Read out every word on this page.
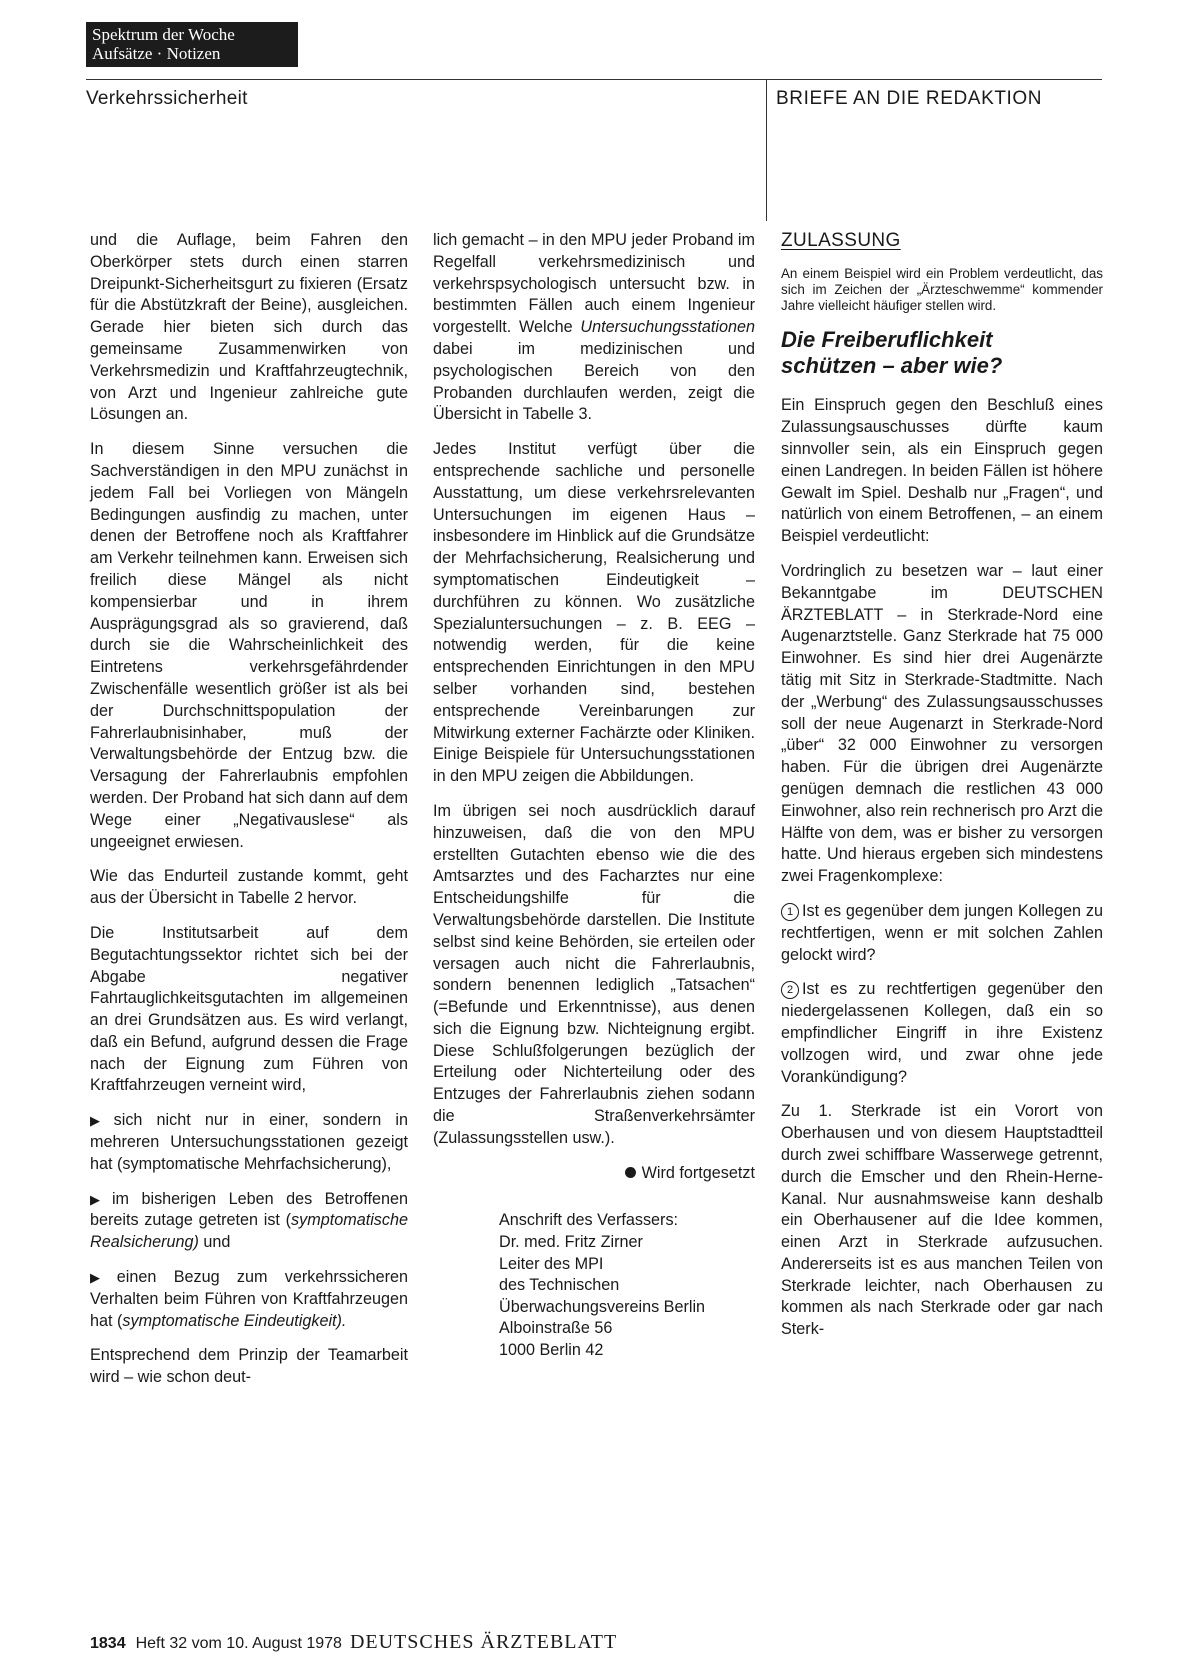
Spektrum der Woche
Aufsätze · Notizen
Verkehrssicherheit	BRIEFE AN DIE REDAKTION

und die Auflage, beim Fahren den Oberkörper stets durch einen starren Dreipunkt-Sicherheitsgurt zu fixieren (Ersatz für die Abstützkraft der Beine), ausgleichen. Gerade hier bieten sich durch das gemeinsame Zusammenwirken von Verkehrsmedizin und Kraftfahrzeugtechnik, von Arzt und Ingenieur zahlreiche gute Lösungen an.

In diesem Sinne versuchen die Sachverständigen in den MPU zunächst in jedem Fall bei Vorliegen von Mängeln Bedingungen ausfindig zu machen, unter denen der Betroffene noch als Kraftfahrer am Verkehr teilnehmen kann. Erweisen sich freilich diese Mängel als nicht kompensierbar und in ihrem Ausprägungsgrad als so gravierend, daß durch sie die Wahrscheinlichkeit des Eintretens verkehrsgefährdender Zwischenfälle wesentlich größer ist als bei der Durchschnittspopulation der Fahrerlaubnisinhaber, muß der Verwaltungsbehörde der Entzug bzw. die Versagung der Fahrerlaubnis empfohlen werden. Der Proband hat sich dann auf dem Wege einer „Negativauslese“ als ungeeignet erwiesen.

Wie das Endurteil zustande kommt, geht aus der Übersicht in Tabelle 2 hervor.

Die Institutsarbeit auf dem Begutachtungssektor richtet sich bei der Abgabe negativer Fahrtauglichkeitsgutachten im allgemeinen an drei Grundsätzen aus. Es wird verlangt, daß ein Befund, aufgrund dessen die Frage nach der Eignung zum Führen von Kraftfahrzeugen verneint wird,

▶ sich nicht nur in einer, sondern in mehreren Untersuchungsstationen gezeigt hat (symptomatische Mehrfachsicherung),

▶ im bisherigen Leben des Betroffenen bereits zutage getreten ist (symptomatische Realsicherung) und

▶ einen Bezug zum verkehrssicheren Verhalten beim Führen von Kraftfahrzeugen hat (symptomatische Eindeutigkeit).

Entsprechend dem Prinzip der Teamarbeit wird – wie schon deut-

lich gemacht – in den MPU jeder Proband im Regelfall verkehrsmedizinisch und verkehrspsychologisch untersucht bzw. in bestimmten Fällen auch einem Ingenieur vorgestellt. Welche Untersuchungsstationen dabei im medizinischen und psychologischen Bereich von den Probanden durchlaufen werden, zeigt die Übersicht in Tabelle 3.

Jedes Institut verfügt über die entsprechende sachliche und personelle Ausstattung, um diese verkehrsrelevanten Untersuchungen im eigenen Haus – insbesondere im Hinblick auf die Grundsätze der Mehrfachsicherung, Realsicherung und symptomatischen Eindeutigkeit – durchführen zu können. Wo zusätzliche Spezialuntersuchungen – z. B. EEG – notwendig werden, für die keine entsprechenden Einrichtungen in den MPU selber vorhanden sind, bestehen entsprechende Vereinbarungen zur Mitwirkung externer Fachärzte oder Kliniken. Einige Beispiele für Untersuchungsstationen in den MPU zeigen die Abbildungen.

Im übrigen sei noch ausdrücklich darauf hinzuweisen, daß die von den MPU erstellten Gutachten ebenso wie die des Amtsarztes und des Facharztes nur eine Entscheidungshilfe für die Verwaltungsbehörde darstellen. Die Institute selbst sind keine Behörden, sie erteilen oder versagen auch nicht die Fahrerlaubnis, sondern benennen lediglich „Tatsachen“ (=Befunde und Erkenntnisse), aus denen sich die Eignung bzw. Nichteignung ergibt. Diese Schlußfolgerungen bezüglich der Erteilung oder Nichterteilung oder des Entzuges der Fahrerlaubnis ziehen sodann die Straßenverkehrsämter (Zulassungsstellen usw.).

Wird fortgesetzt
Anschrift des Verfassers:
Dr. med. Fritz Zirner
Leiter des MPI
des Technischen
Überwachungsvereins Berlin
Alboinstraße 56
1000 Berlin 42
ZULASSUNG

An einem Beispiel wird ein Problem verdeutlicht, das sich im Zeichen der „Ärzteschwemme“ kommender Jahre vielleicht häufiger stellen wird.

Die Freiberuflichkeit
schützen – aber wie?

Ein Einspruch gegen den Beschluß eines Zulassungsauschusses dürfte kaum sinnvoller sein, als ein Einspruch gegen einen Landregen. In beiden Fällen ist höhere Gewalt im Spiel. Deshalb nur „Fragen“, und natürlich von einem Betroffenen, – an einem Beispiel verdeutlicht:

Vordringlich zu besetzen war – laut einer Bekanntgabe im DEUTSCHEN ÄRZTEBLATT – in Sterkrade-Nord eine Augenarztstelle. Ganz Sterkrade hat 75 000 Einwohner. Es sind hier drei Augenärzte tätig mit Sitz in Sterkrade-Stadtmitte. Nach der „Werbung“ des Zulassungsausschusses soll der neue Augenarzt in Sterkrade-Nord „über“ 32 000 Einwohner zu versorgen haben. Für die übrigen drei Augenärzte genügen demnach die restlichen 43 000 Einwohner, also rein rechnerisch pro Arzt die Hälfte von dem, was er bisher zu versorgen hatte. Und hieraus ergeben sich mindestens zwei Fragenkomplexe:

1 Ist es gegenüber dem jungen Kollegen zu rechtfertigen, wenn er mit solchen Zahlen gelockt wird?

2 Ist es zu rechtfertigen gegenüber den niedergelassenen Kollegen, daß ein so empfindlicher Eingriff in ihre Existenz vollzogen wird, und zwar ohne jede Vorankündigung?

Zu 1. Sterkrade ist ein Vorort von Oberhausen und von diesem Hauptstadtteil durch zwei schiffbare Wasserwege getrennt, durch die Emscher und den Rhein-Herne-Kanal. Nur ausnahmsweise kann deshalb ein Oberhausener auf die Idee kommen, einen Arzt in Sterkrade aufzusuchen. Andererseits ist es aus manchen Teilen von Sterkrade leichter, nach Oberhausen zu kommen als nach Sterkrade oder gar nach Sterk-

1834 Heft 32 vom 10. August 1978 DEUTSCHES ÄRZTEBLATT
